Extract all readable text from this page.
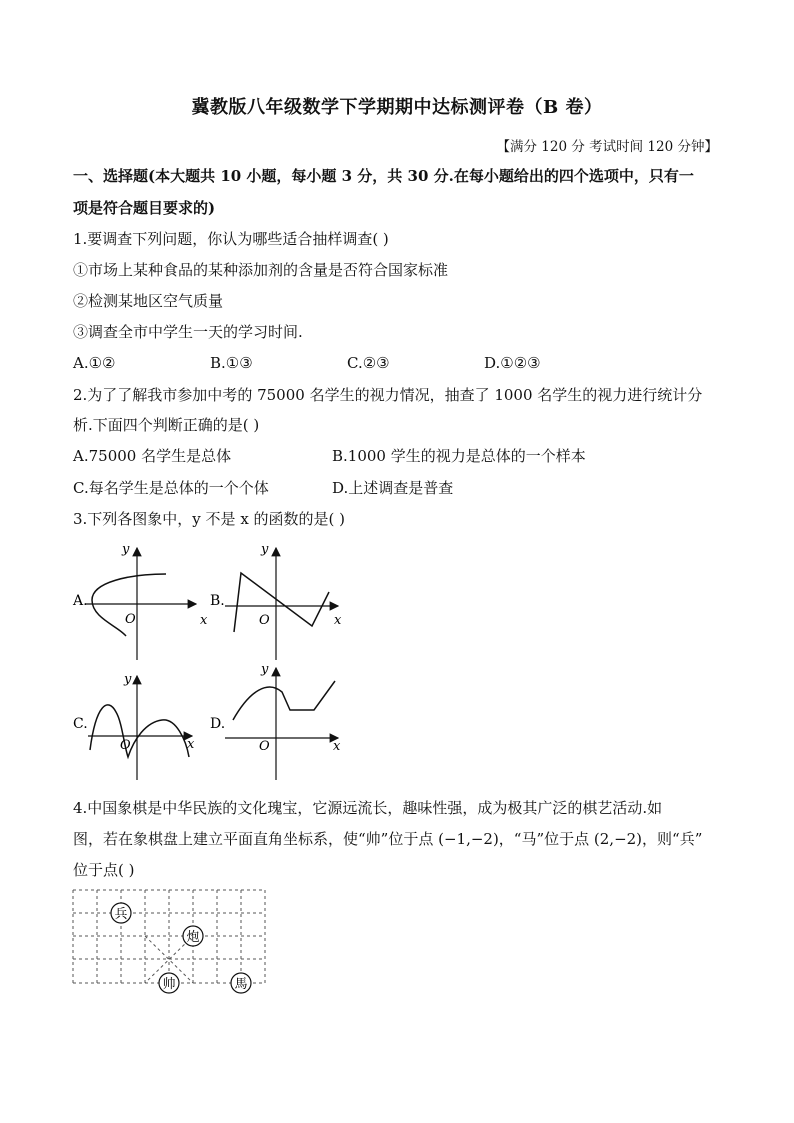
冀教版八年级数学下学期期中达标测评卷（B 卷）
【满分 120 分 考试时间 120 分钟】
一、选择题(本大题共 10 小题，每小题 3 分，共 30 分.在每小题给出的四个选项中，只有一
项是符合题目要求的)
1.要调查下列问题，你认为哪些适合抽样调查( )
①市场上某种食品的某种添加剂的含量是否符合国家标准
②检测某地区空气质量
③调查全市中学生一天的学习时间.
A.①②	B.①③	C.②③	D.①②③
2.为了了解我市参加中考的 75000 名学生的视力情况，抽查了 1000 名学生的视力进行统计分
析.下面四个判断正确的是( )
A.75000 名学生是总体	B.1000 学生的视力是总体的一个样本
C.每名学生是总体的一个个体	D.上述调查是普查
3.下列各图象中，y 不是 x 的函数的是( )
A.
x
y
O
B.
x
y
O
C.
x
y
O
D.
x
y
O
4.中国象棋是中华民族的文化瑰宝，它源远流长，趣味性强，成为极其广泛的棋艺活动.如
图，若在象棋盘上建立平面直角坐标系，使“帅”位于点 (−1,−2)，“马”位于点 (2,−2)，则“兵”
位于点( )
兵
炮
帅	馬
